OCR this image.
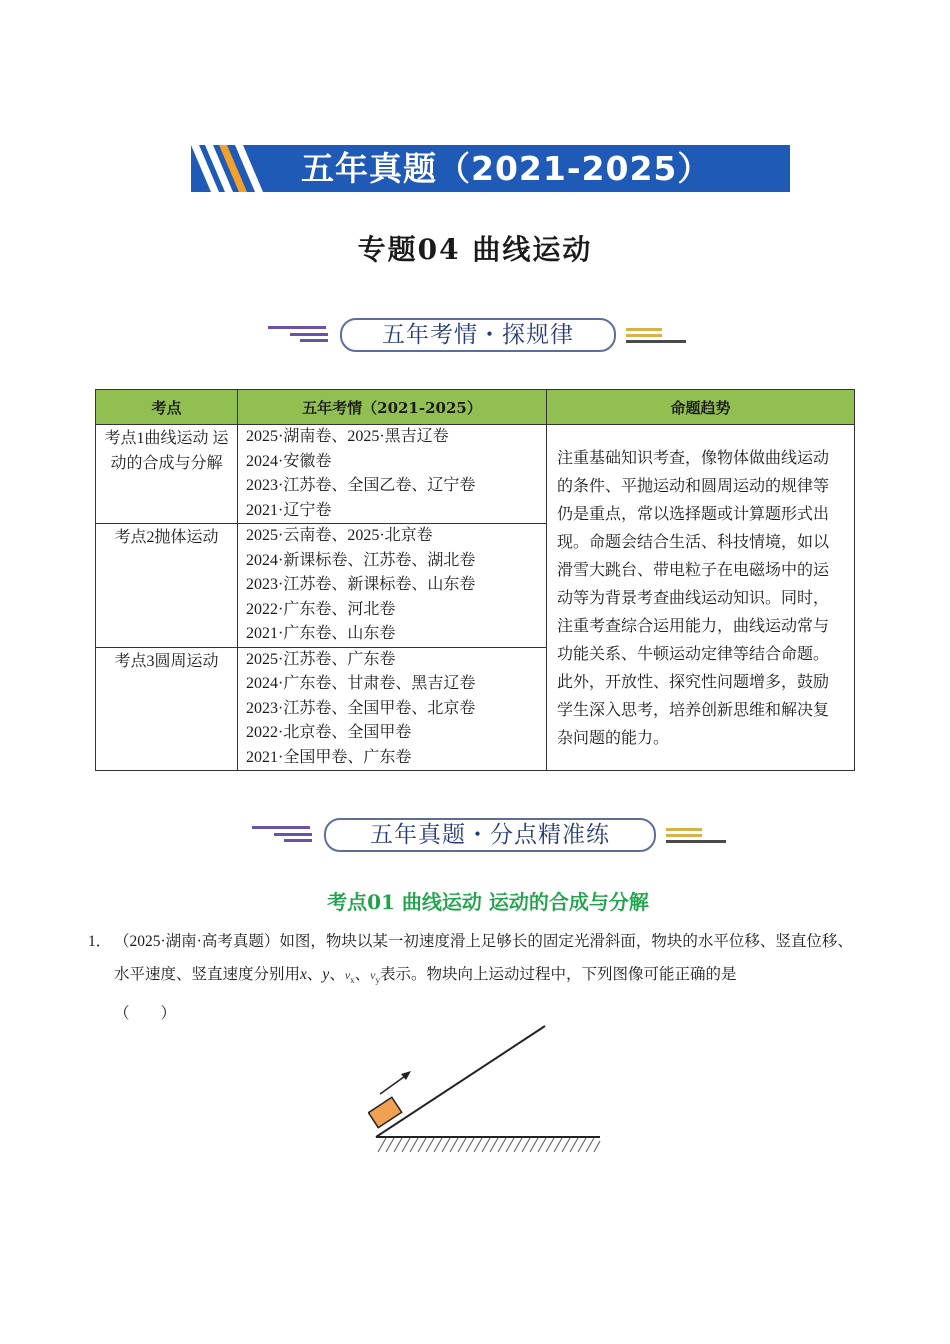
五年真题（2021-2025）
专题04 曲线运动
五年考情・探规律
考点	五年考情（2021-2025）	命题趋势
考点1曲线运动 运动的合成与分解	2025·湖南卷、2025·黑吉辽卷
2024·安徽卷
2023·江苏卷、全国乙卷、辽宁卷
2021·辽宁卷	注重基础知识考查，像物体做曲线运动的条件、平抛运动和圆周运动的规律等仍是重点，常以选择题或计算题形式出现。命题会结合生活、科技情境，如以滑雪大跳台、带电粒子在电磁场中的运动等为背景考查曲线运动知识。同时，注重考查综合运用能力，曲线运动常与功能关系、牛顿运动定律等结合命题。此外，开放性、探究性问题增多，鼓励学生深入思考，培养创新思维和解决复杂问题的能力。
考点2抛体运动	2025·云南卷、2025·北京卷
2024·新课标卷、江苏卷、湖北卷
2023·江苏卷、新课标卷、山东卷
2022·广东卷、河北卷
2021·广东卷、山东卷	

考点3圆周运动	2025·江苏卷、广东卷
2024·广东卷、甘肃卷、黑吉辽卷
2023·江苏卷、全国甲卷、北京卷
2022·北京卷、全国甲卷
2021·全国甲卷、广东卷	
五年真题・分点精准练
考点01 曲线运动 运动的合成与分解
1． （2025·湖南·高考真题）如图，物块以某一初速度滑上足够长的固定光滑斜面，物块的水平位移、竖直位移、水平速度、竖直速度分别用x、y、$v_x$、$v_y$表示。物块向上运动过程中，下列图像可能正确的是
（　　）
